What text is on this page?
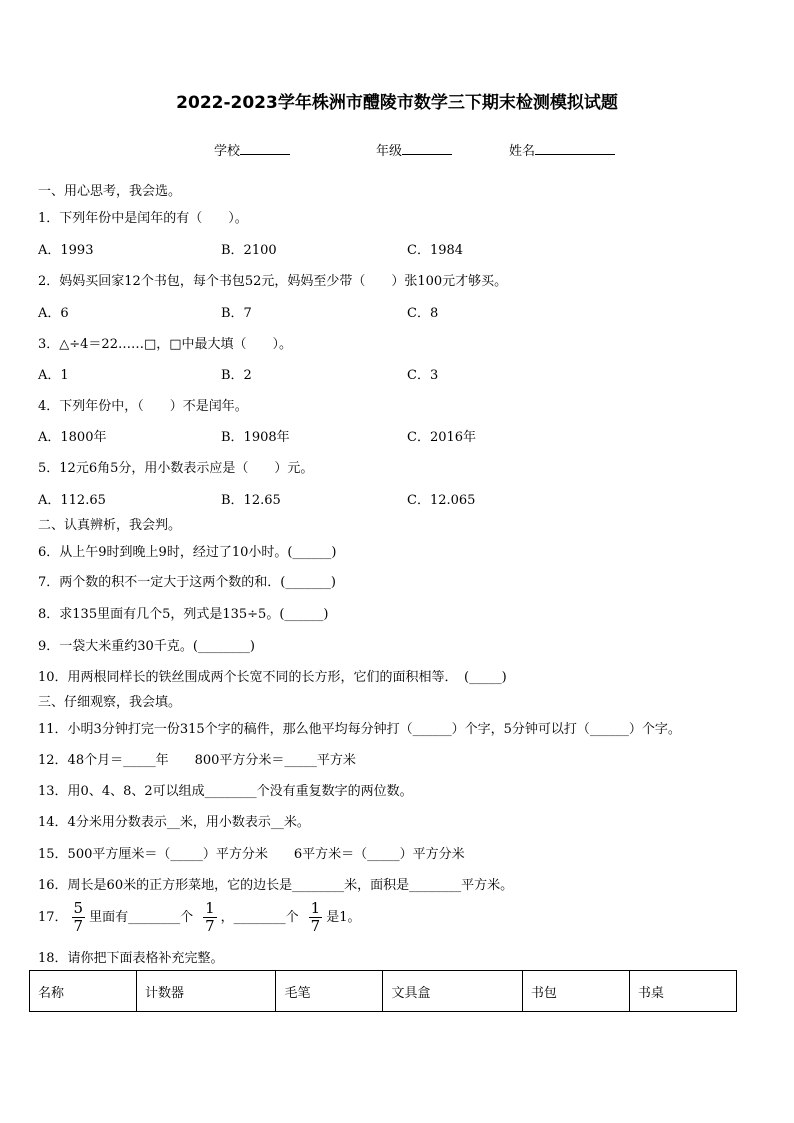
2022-2023学年株洲市醴陵市数学三下期末检测模拟试题
学校	年级	姓名
一、用心思考，我会选。
1．下列年份中是闰年的有（　　）。
A．1993	B．2100	C．1984
2．妈妈买回家12个书包，每个书包52元，妈妈至少带（　　）张100元才够买。
A．6	B．7	C．8
3．△÷4＝22……□，□中最大填（　　）。
A．1	B．2	C．3
4．下列年份中，（　　）不是闰年。
A．1800年	B．1908年	C．2016年
5．12元6角5分，用小数表示应是（　　）元。
A．112.65	B．12.65	C．12.065
二、认真辨析，我会判。
6．从上午9时到晚上9时，经过了10小时。(______)
7．两个数的积不一定大于这两个数的和．(_______)
8．求135里面有几个5，列式是135÷5。(______)
9．一袋大米重约30千克。(________)
10．用两根同样长的铁丝围成两个长宽不同的长方形，它们的面积相等．　(_____)
三、仔细观察，我会填。
11．小明3分钟打完一份315个字的稿件，那么他平均每分钟打（______）个字，5分钟可以打（______）个字。
12．48个月＝_____年　　800平方分米＝_____平方米
13．用0、4、8、2可以组成________个没有重复数字的两位数。
14．4分米用分数表示__米，用小数表示__米。
15．500平方厘米＝（_____）平方分米　　6平方米＝（_____）平方分米
16．周长是60米的正方形菜地，它的边长是________米，面积是________平方米。
17． $\frac{5}{7}$ 里面有________个 $\frac{1}{7}$ ，________个 $\frac{1}{7}$ 是1。
18．请你把下面表格补充完整。
名称	计数器	毛笔	文具盒	书包	书桌
